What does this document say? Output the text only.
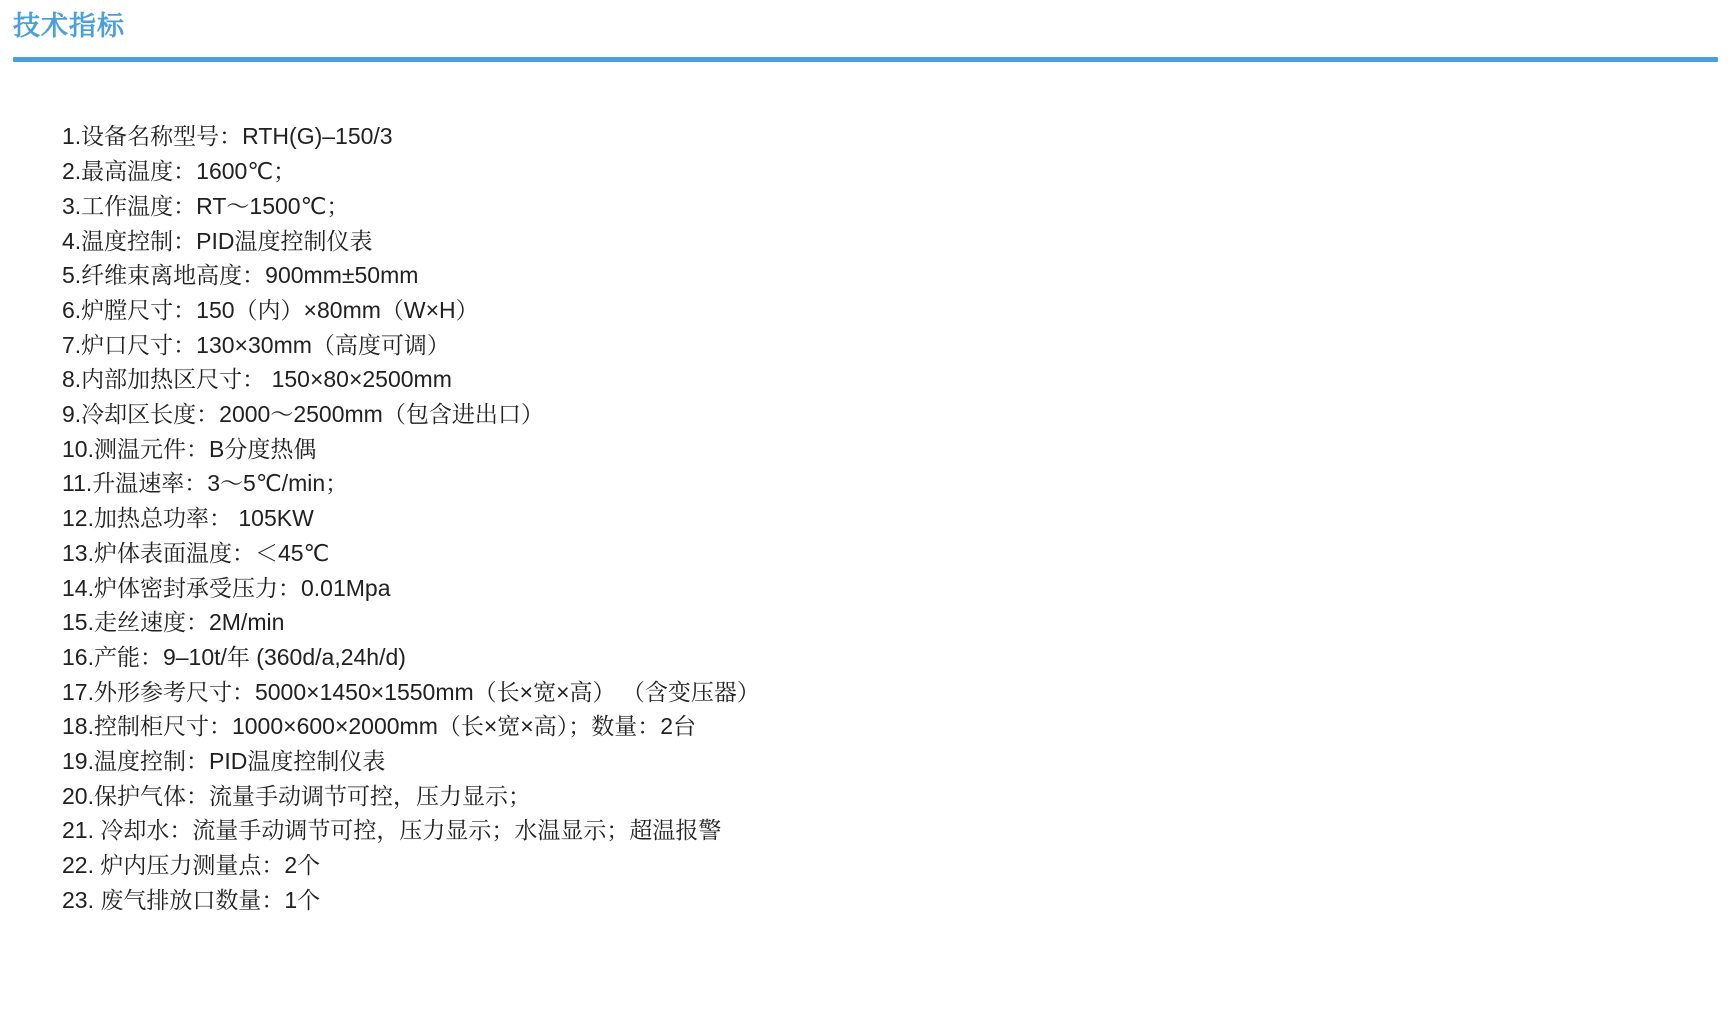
技术指标
1.设备名称型号：RTH(G)–150/3
2.最高温度：1600℃；
3.工作温度：RT～1500℃；
4.温度控制：PID温度控制仪表
5.纤维束离地高度：900mm±50mm
6.炉膛尺寸：150（内）×80mm（W×H）
7.炉口尺寸：130×30mm（高度可调）
8.内部加热区尺寸： 150×80×2500mm
9.冷却区长度：2000～2500mm（包含进出口）
10.测温元件：B分度热偶
11.升温速率：3～5℃/min；
12.加热总功率： 105KW
13.炉体表面温度：＜45℃
14.炉体密封承受压力：0.01Mpa
15.走丝速度：2M/min
16.产能：9–10t/年 (360d/a,24h/d)
17.外形参考尺寸：5000×1450×1550mm（长×宽×高） （含变压器）
18.控制柜尺寸：1000×600×2000mm（长×宽×高）；数量：2台
19.温度控制：PID温度控制仪表
20.保护气体：流量手动调节可控，压力显示；
21. 冷却水：流量手动调节可控，压力显示；水温显示；超温报警
22. 炉内压力测量点：2个
23. 废气排放口数量：1个
